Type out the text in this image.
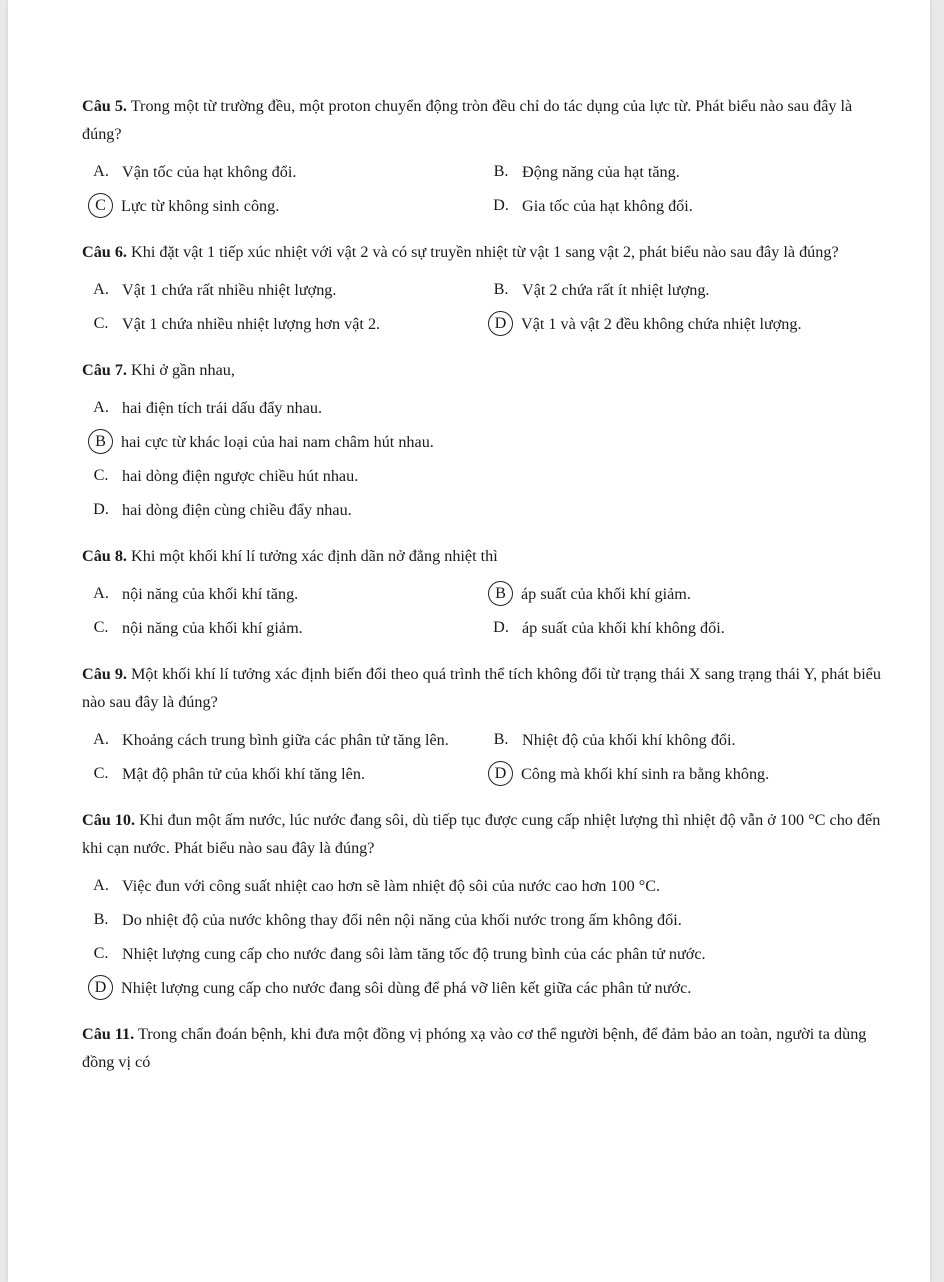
Câu 5. Trong một từ trường đều, một proton chuyển động tròn đều chỉ do tác dụng của lực từ. Phát biểu nào sau đây là đúng?

A. Vận tốc của hạt không đổi.	B. Động năng của hạt tăng.
C Lực từ không sinh công.	D. Gia tốc của hạt không đổi.

Câu 6. Khi đặt vật 1 tiếp xúc nhiệt với vật 2 và có sự truyền nhiệt từ vật 1 sang vật 2, phát biểu nào sau đây là đúng?

A. Vật 1 chứa rất nhiều nhiệt lượng.	B. Vật 2 chứa rất ít nhiệt lượng.
C. Vật 1 chứa nhiều nhiệt lượng hơn vật 2.	D Vật 1 và vật 2 đều không chứa nhiệt lượng.

Câu 7. Khi ở gần nhau,

A. hai điện tích trái dấu đẩy nhau.
B hai cực từ khác loại của hai nam châm hút nhau.
C. hai dòng điện ngược chiều hút nhau.
D. hai dòng điện cùng chiều đẩy nhau.

Câu 8. Khi một khối khí lí tưởng xác định dãn nở đẳng nhiệt thì

A. nội năng của khối khí tăng.	B áp suất của khối khí giảm.
C. nội năng của khối khí giảm.	D. áp suất của khối khí không đổi.

Câu 9. Một khối khí lí tưởng xác định biến đổi theo quá trình thể tích không đổi từ trạng thái X sang trạng thái Y, phát biểu nào sau đây là đúng?

A. Khoảng cách trung bình giữa các phân tử tăng lên.	B. Nhiệt độ của khối khí không đổi.
C. Mật độ phân tử của khối khí tăng lên.	D Công mà khối khí sinh ra bằng không.

Câu 10. Khi đun một ấm nước, lúc nước đang sôi, dù tiếp tục được cung cấp nhiệt lượng thì nhiệt độ vẫn ở 100 °C cho đến khi cạn nước. Phát biểu nào sau đây là đúng?

A. Việc đun với công suất nhiệt cao hơn sẽ làm nhiệt độ sôi của nước cao hơn 100 °C.
B. Do nhiệt độ của nước không thay đổi nên nội năng của khối nước trong ấm không đổi.
C. Nhiệt lượng cung cấp cho nước đang sôi làm tăng tốc độ trung bình của các phân tử nước.
D Nhiệt lượng cung cấp cho nước đang sôi dùng để phá vỡ liên kết giữa các phân tử nước.

Câu 11. Trong chẩn đoán bệnh, khi đưa một đồng vị phóng xạ vào cơ thể người bệnh, để đảm bảo an toàn, người ta dùng đồng vị có
